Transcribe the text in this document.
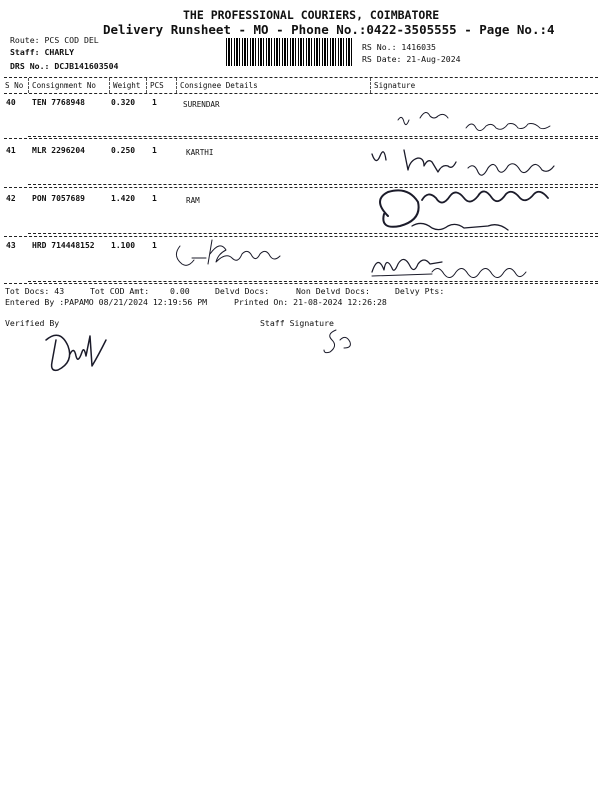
THE PROFESSIONAL COURIERS, COIMBATORE
Delivery Runsheet - MO - Phone No.:0422-3505555 - Page No.:4
Route: PCS COD DEL
Staff: CHARLY
DRS No.: DCJB141603504
RS No.: 1416035
RS Date: 21-Aug-2024
S No Consignment No Weight PCS Consignee Details	Signature
40 TEN 7768948	0.320 1	SURENDAR
41 MLR 2296204	0.250 1	KARTHI
42 PON 7057689	1.420 1	RAM
43 HRD 714448152 1.100 1
Tot Docs: 43	Tot COD Amt:	0.00	Delvd Docs:	Non Delvd Docs:	Delvy Pts:
Entered By :PAPAMO 08/21/2024 12:19:56 PM	Printed On: 21-08-2024 12:26:28
Verified By	Staff Signature
